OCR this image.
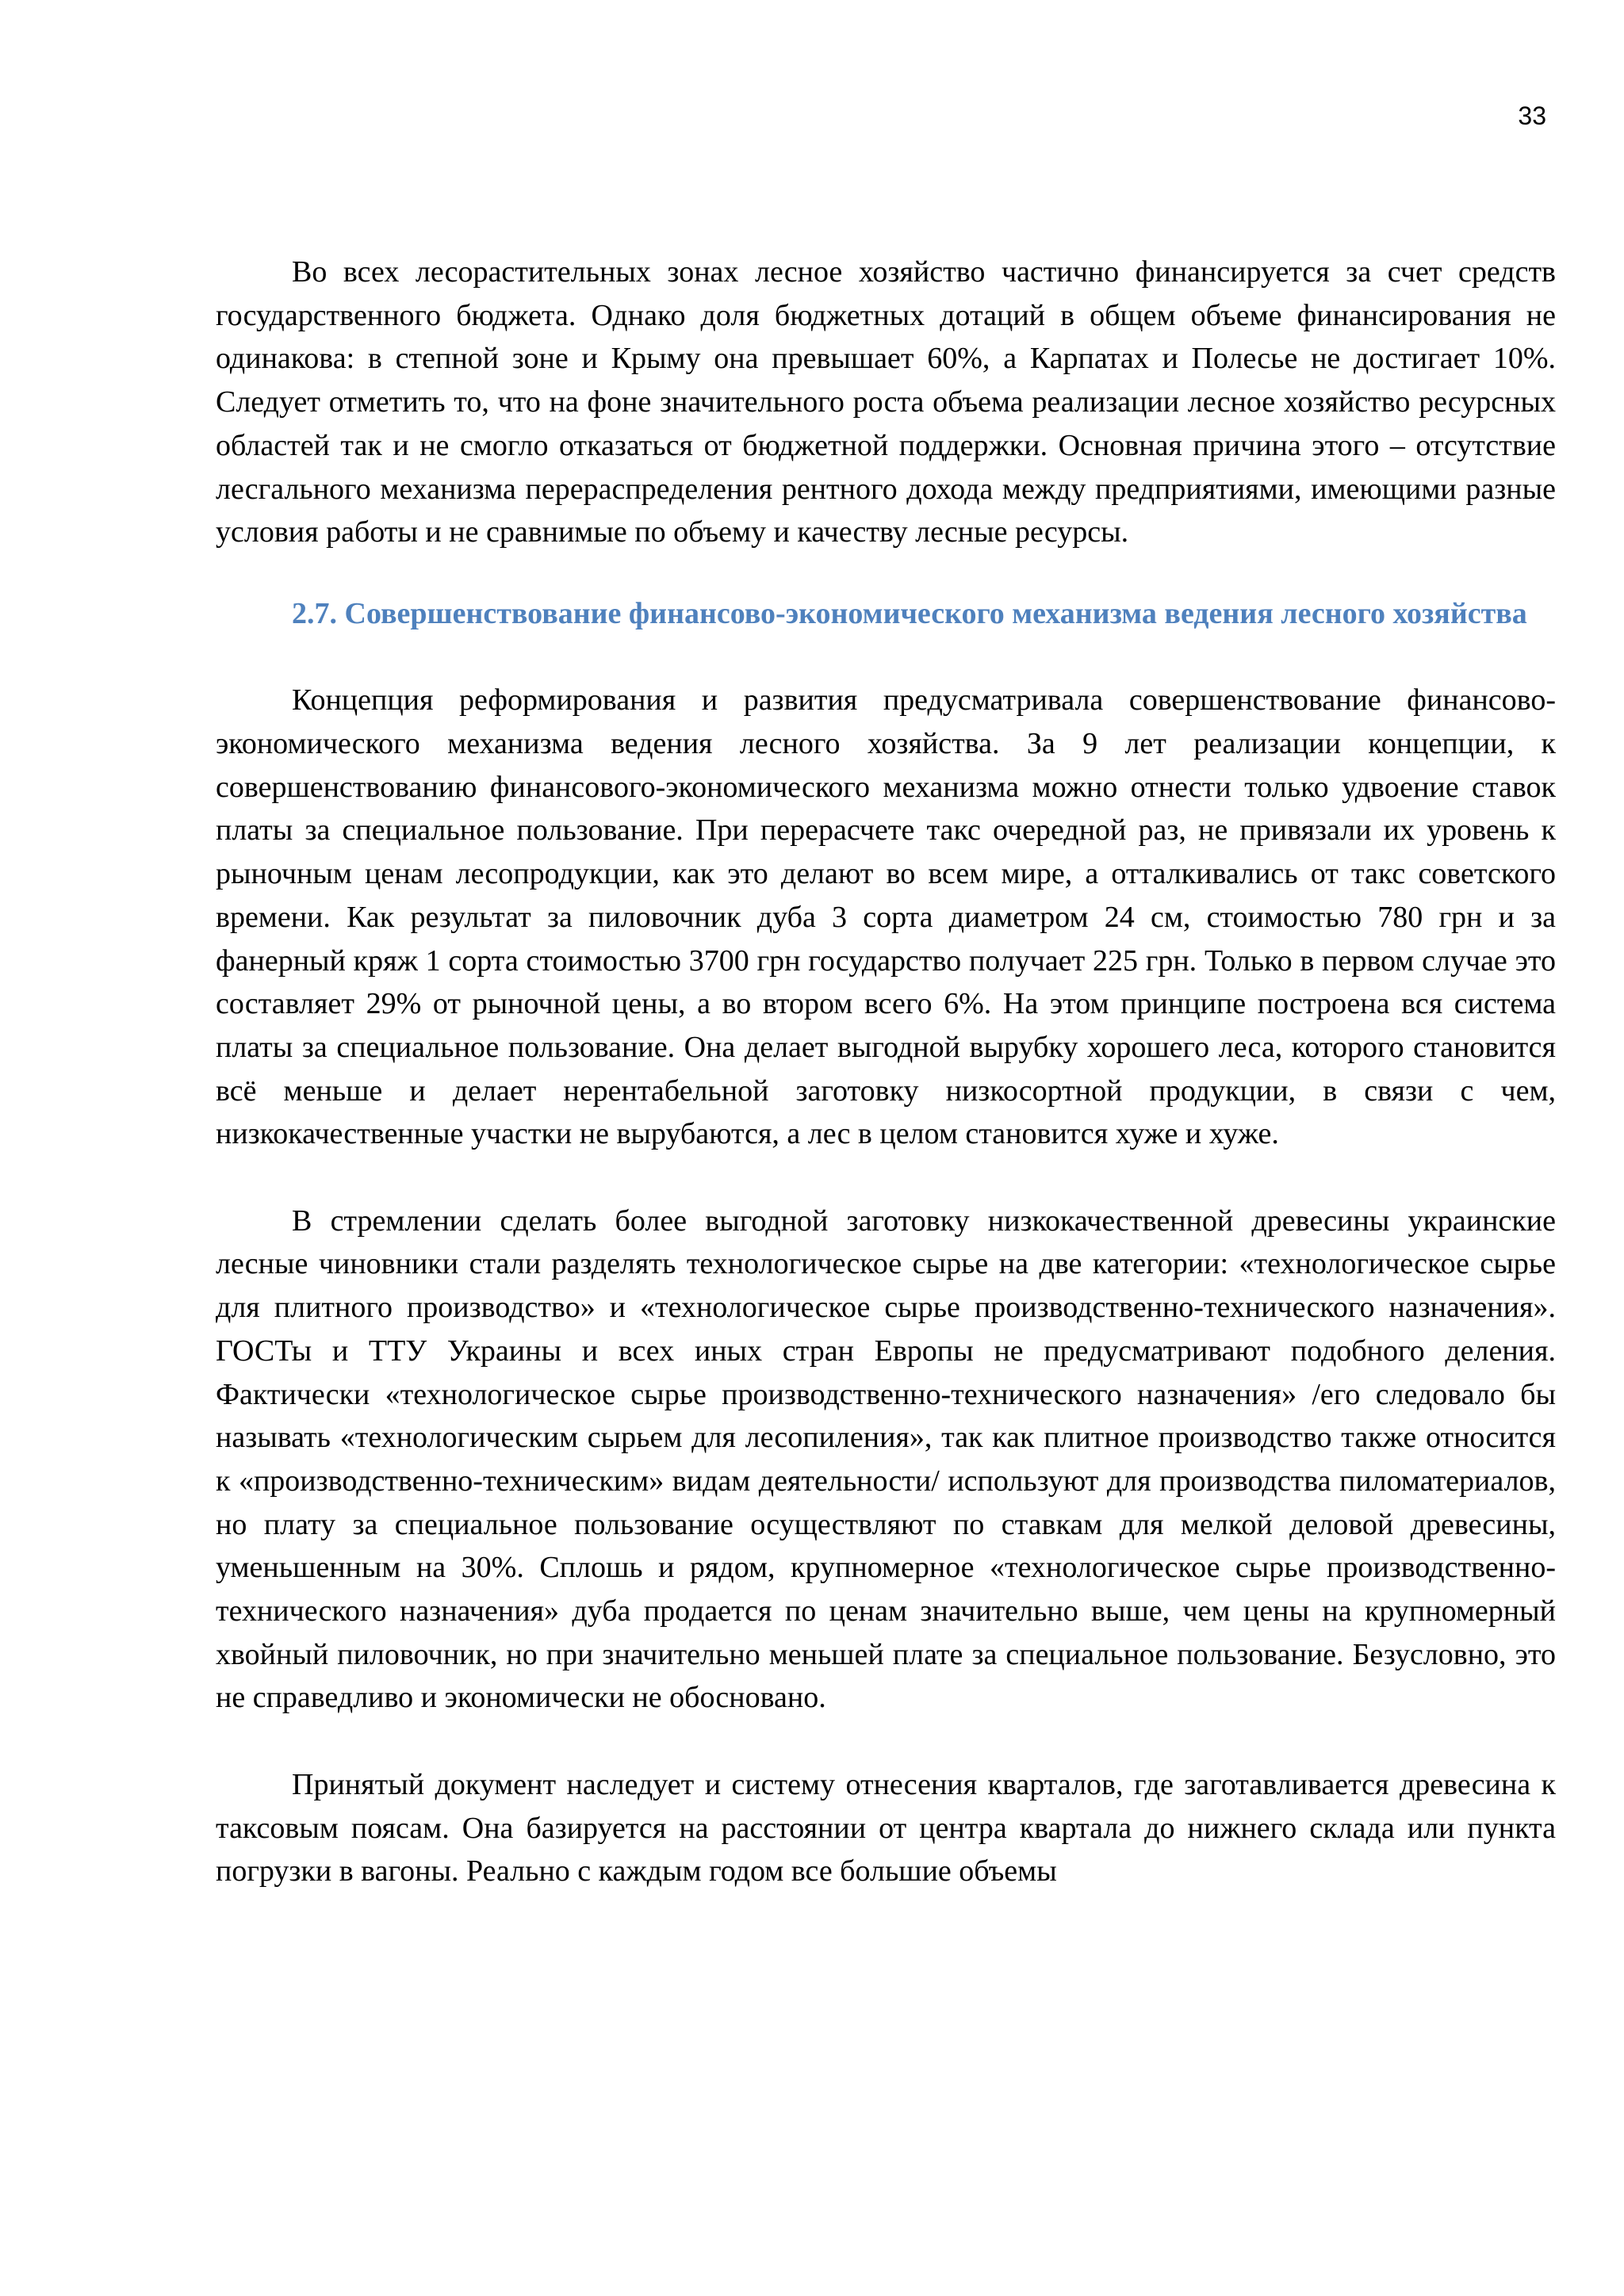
33

Во всех лесорастительных зонах лесное хозяйство частично финансируется за счет средств государственного бюджета. Однако доля бюджетных дотаций в общем объеме финансирования не одинакова: в степной зоне и Крыму она превышает 60%, а Карпатах и Полесье не достигает 10%. Следует отметить то, что на фоне значительного роста объема реализации лесное хозяйство ресурсных областей так и не смогло отказаться от бюджетной поддержки. Основная причина этого – отсутствие лесгального механизма перераспределения рентного дохода между предприятиями, имеющими разные условия работы и не сравнимые по объему и качеству лесные ресурсы.

2.7. Совершенствование финансово-экономического механизма ведения лесного хозяйства

Концепция реформирования и развития предусматривала совершенствование финансово-экономического механизма ведения лесного хозяйства. За 9 лет реализации концепции, к совершенствованию финансового-экономического механизма можно отнести только удвоение ставок платы за специальное пользование. При перерасчете такс очередной раз, не привязали их уровень к рыночным ценам лесопродукции, как это делают во всем мире, а отталкивались от такс советского времени. Как результат за пиловочник дуба 3 сорта диаметром 24 см, стоимостью 780 грн и за фанерный кряж 1 сорта стоимостью 3700 грн государство получает 225 грн. Только в первом случае это составляет 29% от рыночной цены, а во втором всего 6%. На этом принципе построена вся система платы за специальное пользование. Она делает выгодной вырубку хорошего леса, которого становится всё меньше и делает нерентабельной заготовку низкосортной продукции, в связи с чем, низкокачественные участки не вырубаются, а лес в целом становится хуже и хуже.

В стремлении сделать более выгодной заготовку низкокачественной древесины украинские лесные чиновники стали разделять технологическое сырье на две категории: «технологическое сырье для плитного производство» и «технологическое сырье производственно-технического назначения». ГОСТы и ТТУ Украины и всех иных стран Европы не предусматривают подобного деления. Фактически «технологическое сырье производственно-технического назначения» /его следовало бы называть «технологическим сырьем для лесопиления», так как плитное производство также относится к «производственно-техническим» видам деятельности/ используют для производства пиломатериалов, но плату за специальное пользование осуществляют по ставкам для мелкой деловой древесины, уменьшенным на 30%. Сплошь и рядом, крупномерное «технологическое сырье производственно-технического назначения» дуба продается по ценам значительно выше, чем цены на крупномерный хвойный пиловочник, но при значительно меньшей плате за специальное пользование. Безусловно, это не справедливо и экономически не обосновано.

Принятый документ наследует и систему отнесения кварталов, где заготавливается древесина к таксовым поясам. Она базируется на расстоянии от центра квартала до нижнего склада или пункта погрузки в вагоны. Реально с каждым годом все большие объемы
